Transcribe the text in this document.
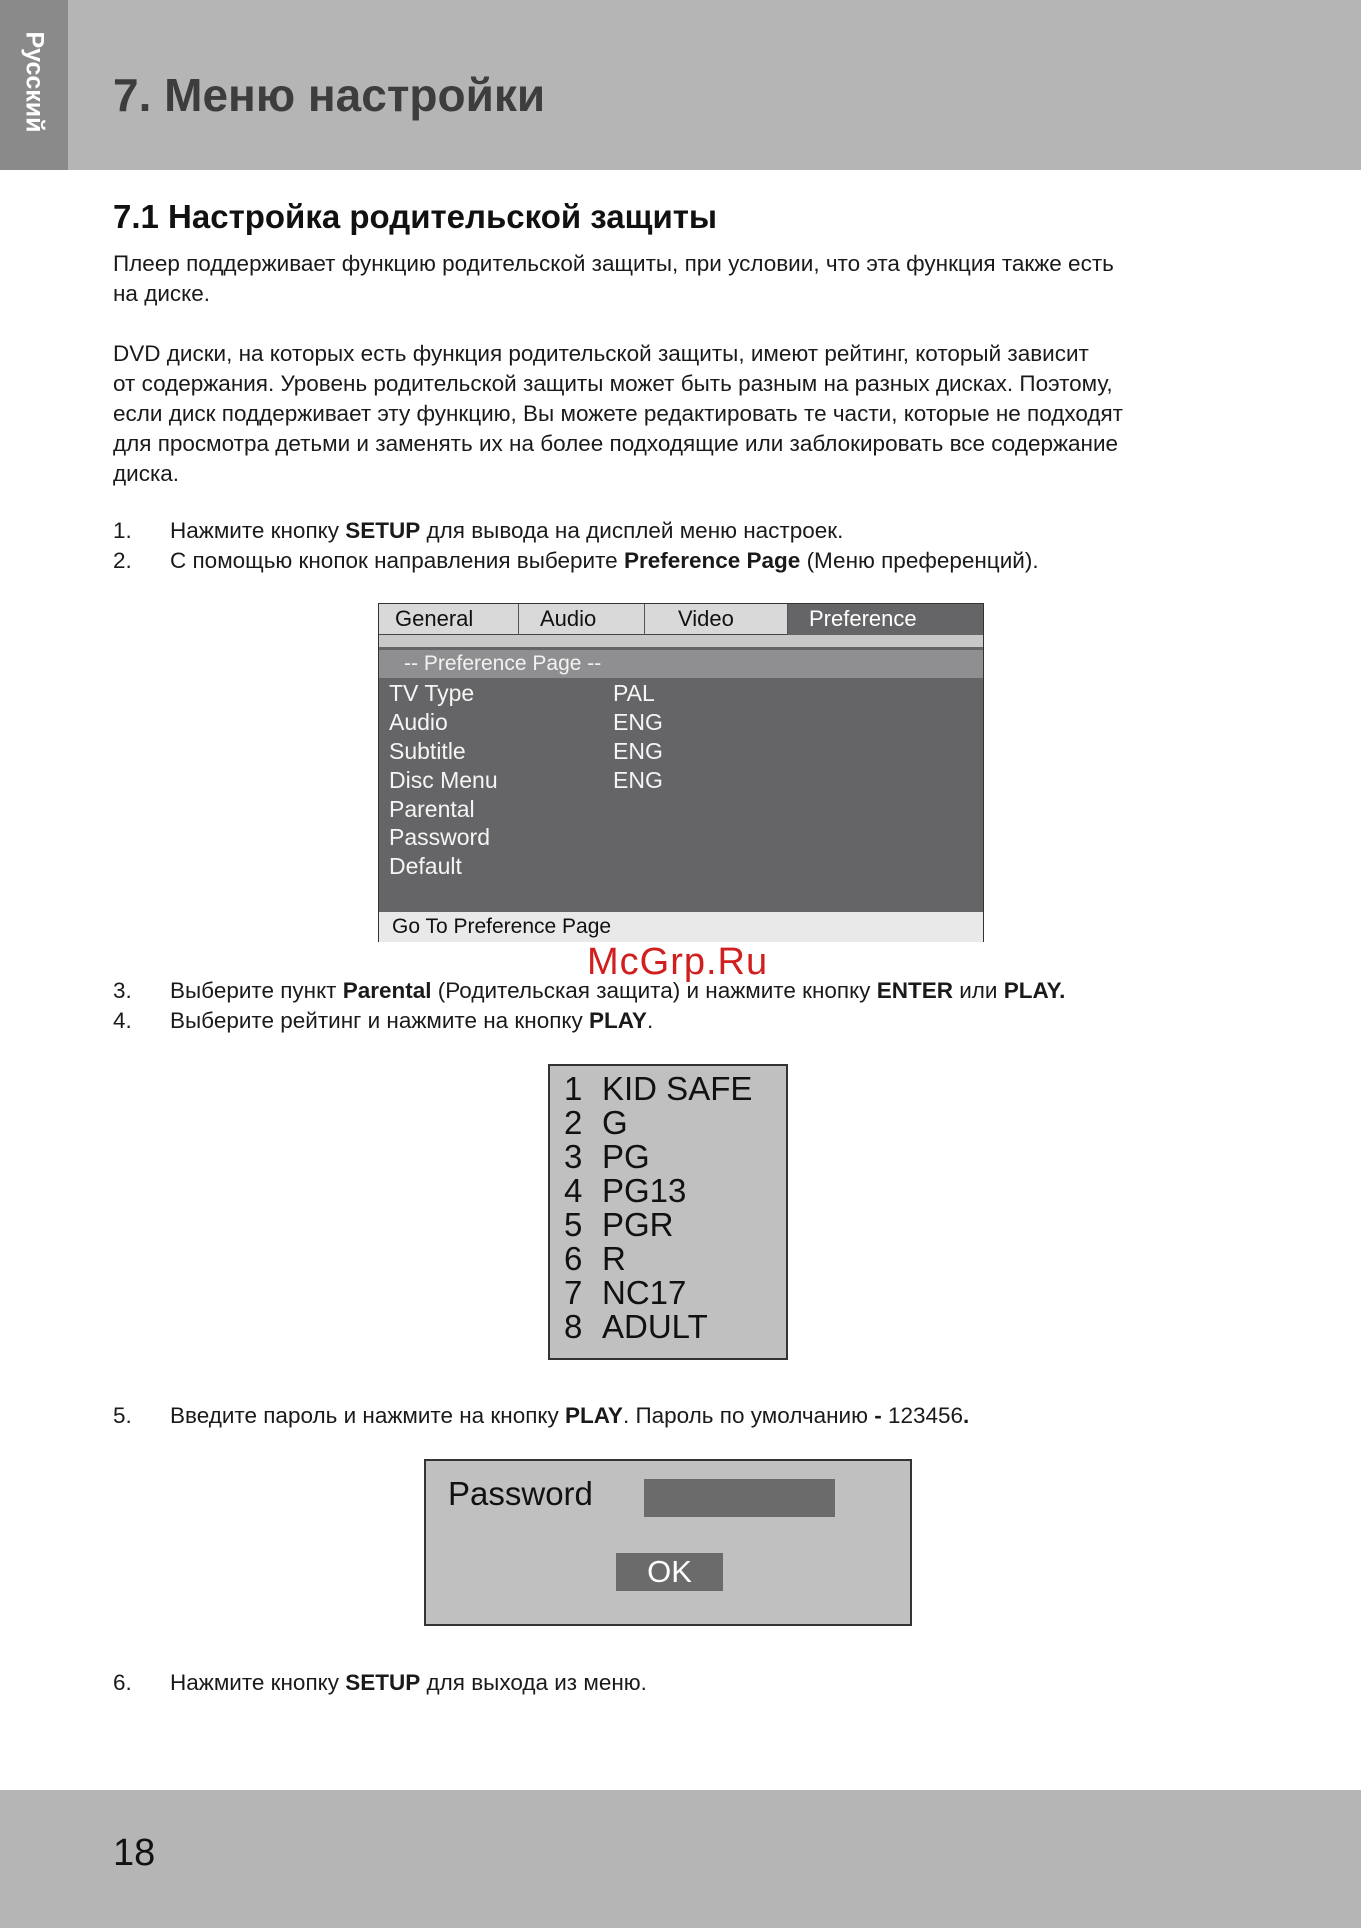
Русский 7. Меню настройки
7.1 Настройка родительской защиты
Плеер поддерживает функцию родительской защиты, при условии, что эта функция также есть
на диске.
DVD диски, на которых есть функция родительской защиты, имеют рейтинг, который зависит
от содержания. Уровень родительской защиты может быть разным на разных дисках. Поэтому,
если диск поддерживает эту функцию, Вы можете редактировать те части, которые не подходят
для просмотра детьми и заменять их на более подходящие или заблокировать все содержание
диска.
1. Нажмите кнопку SETUP для вывода на дисплей меню настроек.
2. С помощью кнопок направления выберите Preference Page (Меню преференций).
General	Audio	Video	Preference
-- Preference Page --
TV Type	PAL
Audio	ENG
Subtitle	ENG
Disc Menu	ENG
Parental
Password
Default
Go To Preference Page
McGrp.Ru
3. Выберите пункт Parental (Родительская защита) и нажмите кнопку ENTER или PLAY.
4. Выберите рейтинг и нажмите на кнопку PLAY.
1 KID SAFE
2 G
3 PG
4 PG13
5 PGR
6 R
7 NC17
8 ADULT
5. Введите пароль и нажмите на кнопку PLAY. Пароль по умолчанию - 123456.
Password
OK
6. Нажмите кнопку SETUP для выхода из меню.
18
